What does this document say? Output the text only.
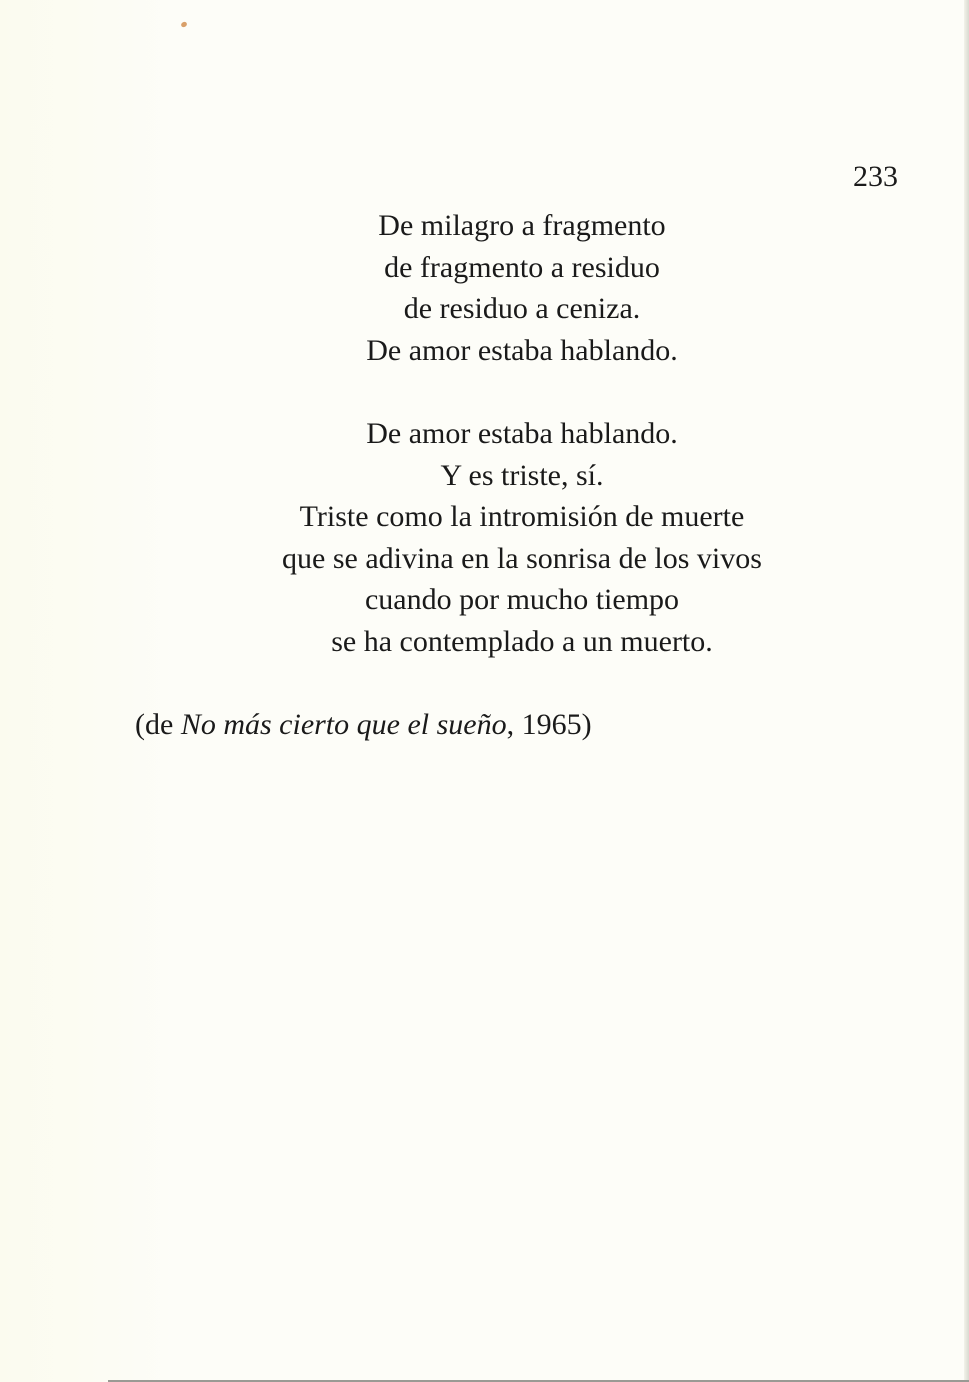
233

De milagro a fragmento
de fragmento a residuo
de residuo a ceniza.
De amor estaba hablando.
De amor estaba hablando.
Y es triste, sí.
Triste como la intromisión de muerte
que se adivina en la sonrisa de los vivos
cuando por mucho tiempo
se ha contemplado a un muerto.

(de No más cierto que el sueño, 1965)
